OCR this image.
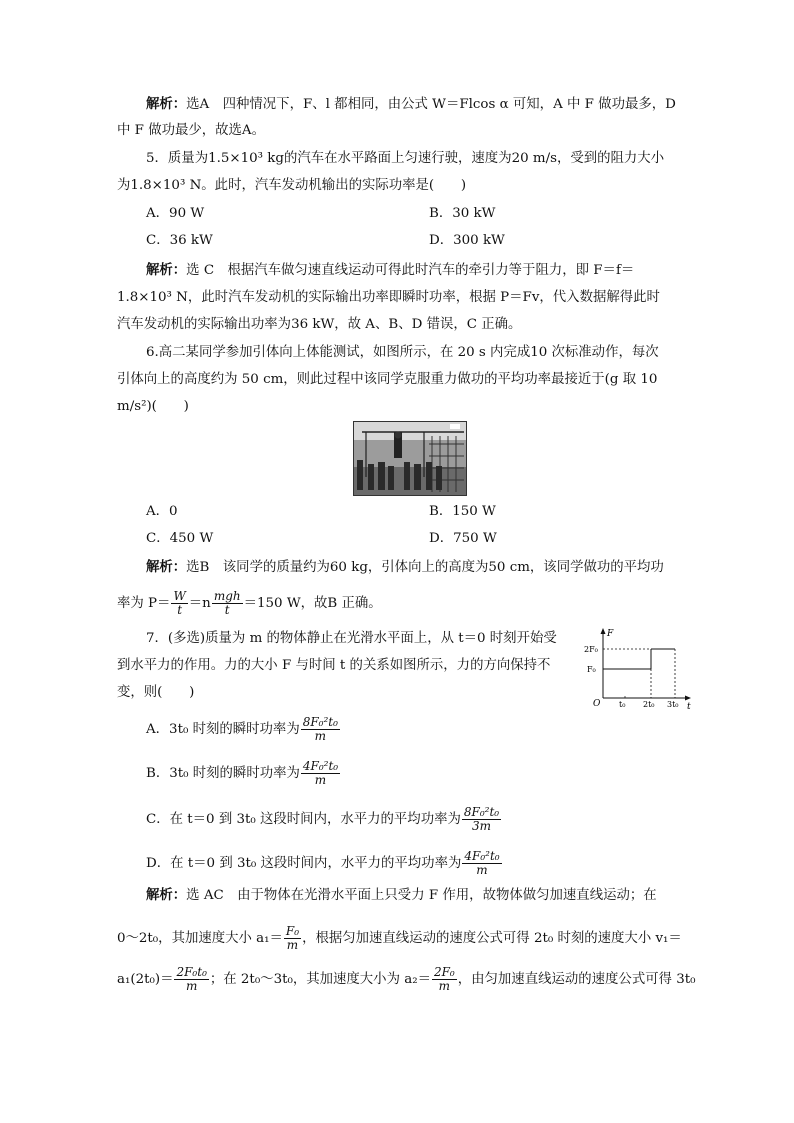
解析：选A　四种情况下，F、l 都相同，由公式 W＝Flcos α 可知，A 中 F 做功最多，D
中 F 做功最少，故选A。
5．质量为1.5×10³ kg的汽车在水平路面上匀速行驶，速度为20 m/s，受到的阻力大小
为1.8×10³ N。此时，汽车发动机输出的实际功率是(　　)
A．90 W	B．30 kW
C．36 kW	D．300 kW
解析：选 C　根据汽车做匀速直线运动可得此时汽车的牵引力等于阻力，即 F＝f＝
1.8×10³ N，此时汽车发动机的实际输出功率即瞬时功率，根据 P＝Fv，代入数据解得此时
汽车发动机的实际输出功率为36 kW，故 A、B、D 错误，C 正确。
6.高二某同学参加引体向上体能测试，如图所示，在 20 s 内完成10 次标准动作，每次
引体向上的高度约为 50 cm，则此过程中该同学克服重力做功的平均功率最接近于(g 取 10
m/s²)(　　)
A．0	B．150 W
C．450 W	D．750 W
解析：选B　该同学的质量约为60 kg，引体向上的高度为50 cm，该同学做功的平均功
率为 $P= \frac{W}{t} =n \frac{\text{mgh}}{t} =150$ W，故B 正确。
7．(多选)质量为 m 的物体静止在光滑水平面上，从 t＝0 时刻开始受
到水平力的作用。力的大小 F 与时间 t 的关系如图所示，力的方向保持不
变，则(　　)
F
t
O
2F₀
F₀
t₀ 2t₀ 3t₀
A．3t₀ 时刻的瞬时功率为 $\frac{\text{8F₀²t₀}}{m}$
B．3t₀ 时刻的瞬时功率为 $\frac{\text{4F₀²t₀}}{m}$
C．在 t＝0 到 3t₀ 这段时间内，水平力的平均功率为 $\frac{\text{8F₀²t₀}}{3m}$
D．在 t＝0 到 3t₀ 这段时间内，水平力的平均功率为 $\frac{\text{4F₀²t₀}}{m}$
解析：选 AC　由于物体在光滑水平面上只受力 F 作用，故物体做匀加速直线运动；在
0～2t₀，其加速度大小 $a_1= \frac{\text{F₀}}{m}$ ，根据匀加速直线运动的速度公式可得 2t₀ 时刻的速度大小 v₁＝
$a_1(2t_0)= \frac{\text{2F₀t₀}}{m}$ ；在 2t₀～3t₀，其加速度大小为 $a_2= \frac{\text{2F₀}}{m}$ ，由匀加速直线运动的速度公式可得 3t₀
